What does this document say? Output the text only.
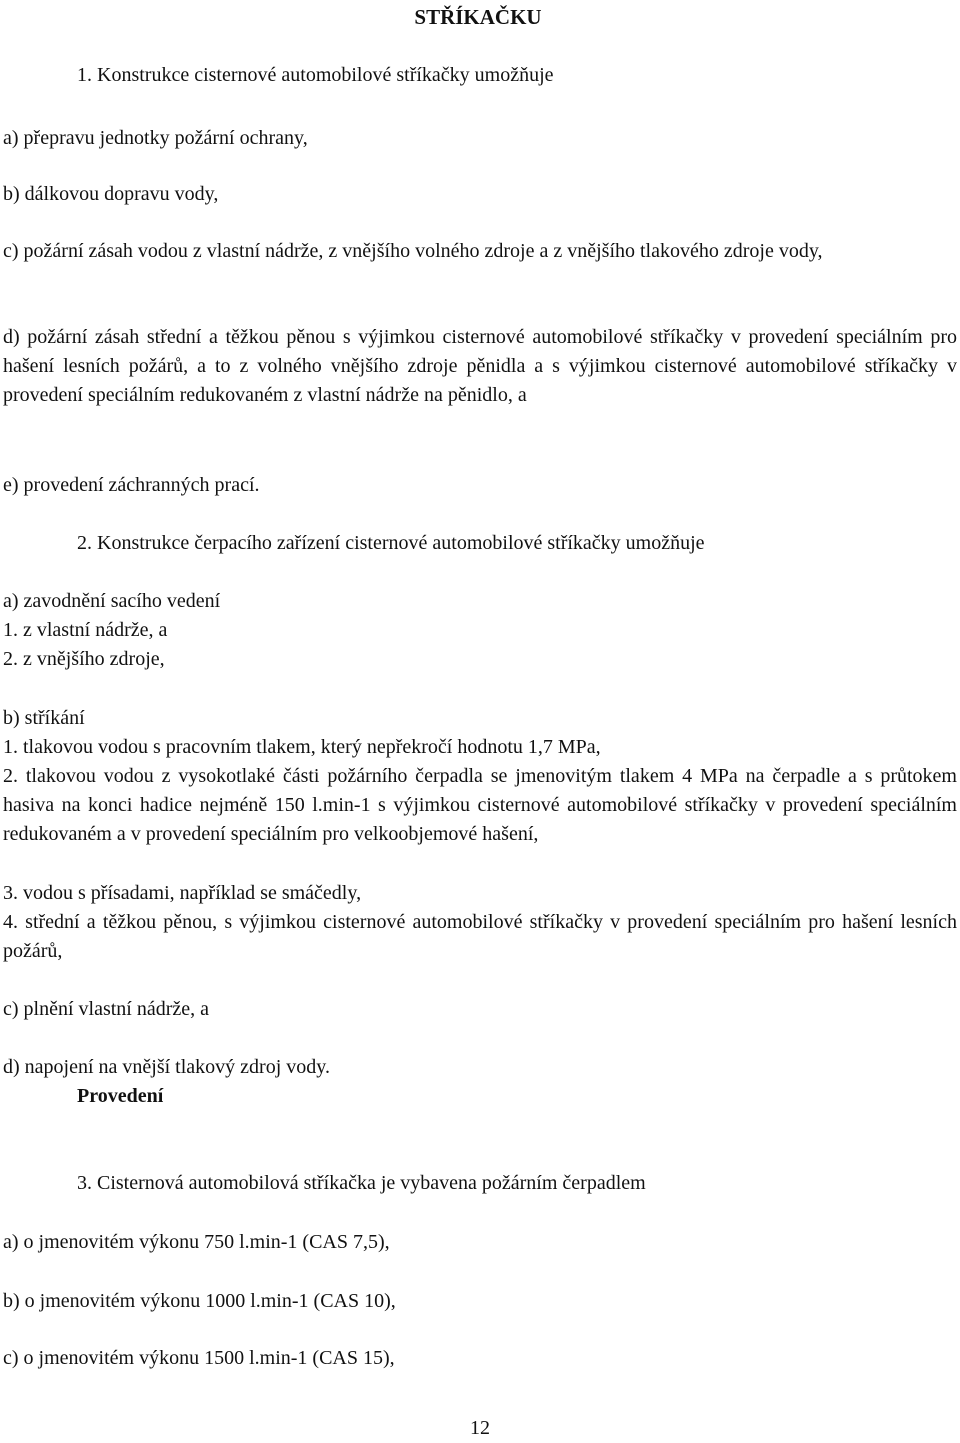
STŘÍKAČKU
1. Konstrukce cisternové automobilové stříkačky umožňuje
a) přepravu jednotky požární ochrany,
b) dálkovou dopravu vody,
c) požární zásah vodou z vlastní nádrže, z vnějšího volného zdroje a z vnějšího tlakového zdroje vody,
d) požární zásah střední a těžkou pěnou s výjimkou cisternové automobilové stříkačky v provedení speciálním pro hašení lesních požárů, a to z volného vnějšího zdroje pěnidla a s výjimkou cisternové automobilové stříkačky v provedení speciálním redukovaném z vlastní nádrže na pěnidlo, a
e) provedení záchranných prací.
2. Konstrukce čerpacího zařízení cisternové automobilové stříkačky umožňuje
a) zavodnění sacího vedení
1. z vlastní nádrže, a
2. z vnějšího zdroje,
b) stříkání
1. tlakovou vodou s pracovním tlakem, který nepřekročí hodnotu 1,7 MPa,
2. tlakovou vodou z vysokotlaké části požárního čerpadla se jmenovitým tlakem 4 MPa na čerpadle a s průtokem hasiva na konci hadice nejméně 150 l.min-1 s výjimkou cisternové automobilové stříkačky v provedení speciálním redukovaném a v provedení speciálním pro velkoobjemové hašení,
3. vodou s přísadami, například se smáčedly,
4. střední a těžkou pěnou, s výjimkou cisternové automobilové stříkačky v provedení speciálním pro hašení lesních požárů,
c) plnění vlastní nádrže, a
d) napojení na vnější tlakový zdroj vody.
Provedení
3. Cisternová automobilová stříkačka je vybavena požárním čerpadlem
a) o jmenovitém výkonu 750 l.min-1 (CAS 7,5),
b) o jmenovitém výkonu 1000 l.min-1 (CAS 10),
c) o jmenovitém výkonu 1500 l.min-1 (CAS 15),
12
